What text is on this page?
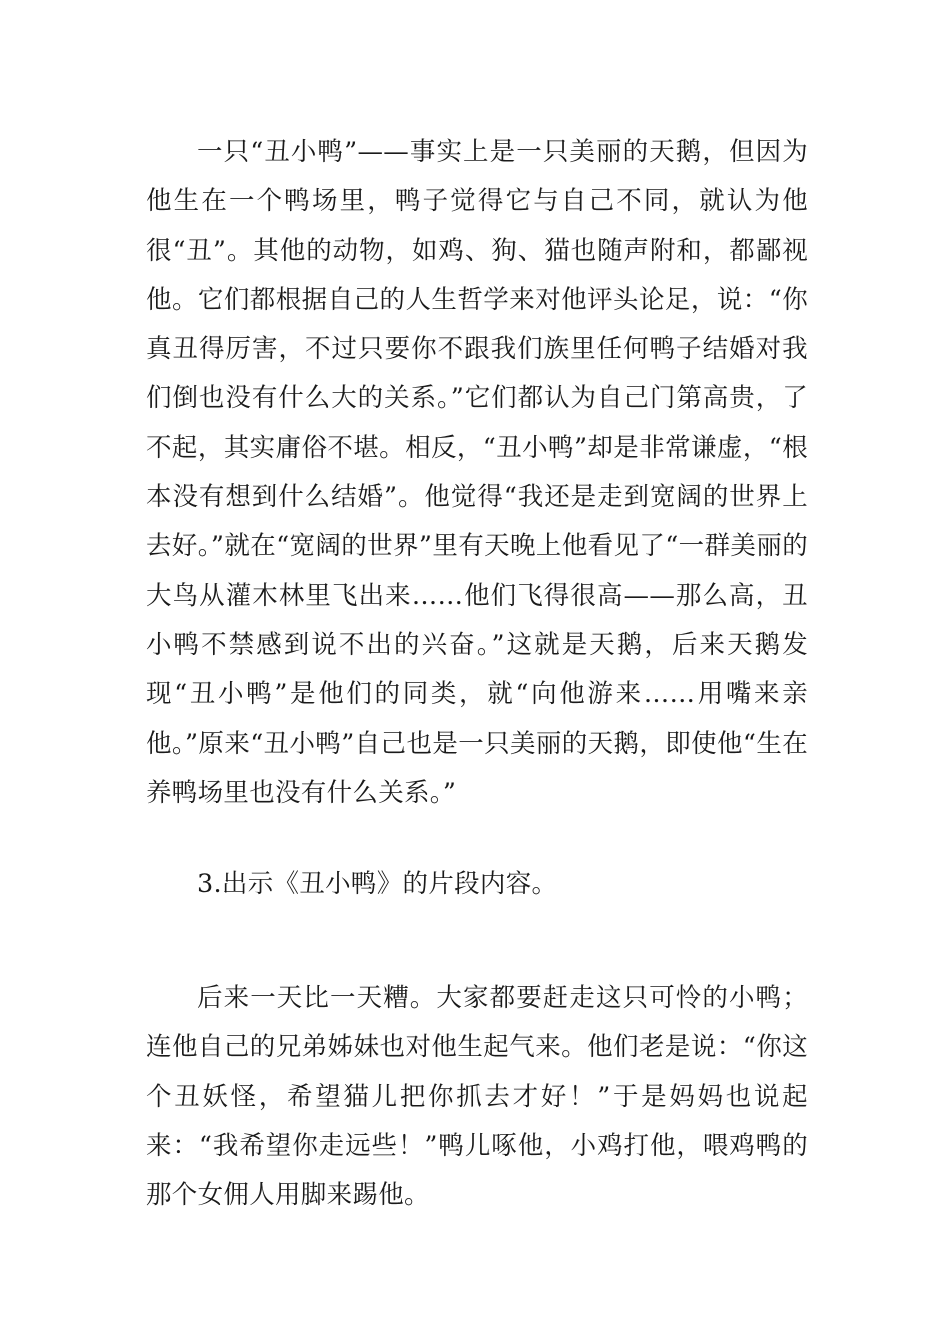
一只“丑小鸭”——事实上是一只美丽的天鹅，但因为他生在一个鸭场里，鸭子觉得它与自己不同，就认为他很“丑”。其他的动物，如鸡、狗、猫也随声附和，都鄙视他。它们都根据自己的人生哲学来对他评头论足，说：“你真丑得厉害，不过只要你不跟我们族里任何鸭子结婚对我们倒也没有什么大的关系。”它们都认为自己门第高贵，了不起，其实庸俗不堪。相反，“丑小鸭”却是非常谦虚，“根本没有想到什么结婚”。他觉得“我还是走到宽阔的世界上去好。”就在“宽阔的世界”里有天晚上他看见了“一群美丽的大鸟从灌木林里飞出来……他们飞得很高——那么高，丑小鸭不禁感到说不出的兴奋。”这就是天鹅，后来天鹅发现“丑小鸭”是他们的同类，就“向他游来……用嘴来亲他。”原来“丑小鸭”自己也是一只美丽的天鹅，即使他“生在养鸭场里也没有什么关系。”

3.出示《丑小鸭》的片段内容。

后来一天比一天糟。大家都要赶走这只可怜的小鸭；连他自己的兄弟姊妹也对他生起气来。他们老是说：“你这个丑妖怪，希望猫儿把你抓去才好！”于是妈妈也说起来：“我希望你走远些！”鸭儿啄他，小鸡打他，喂鸡鸭的那个女佣人用脚来踢他。
